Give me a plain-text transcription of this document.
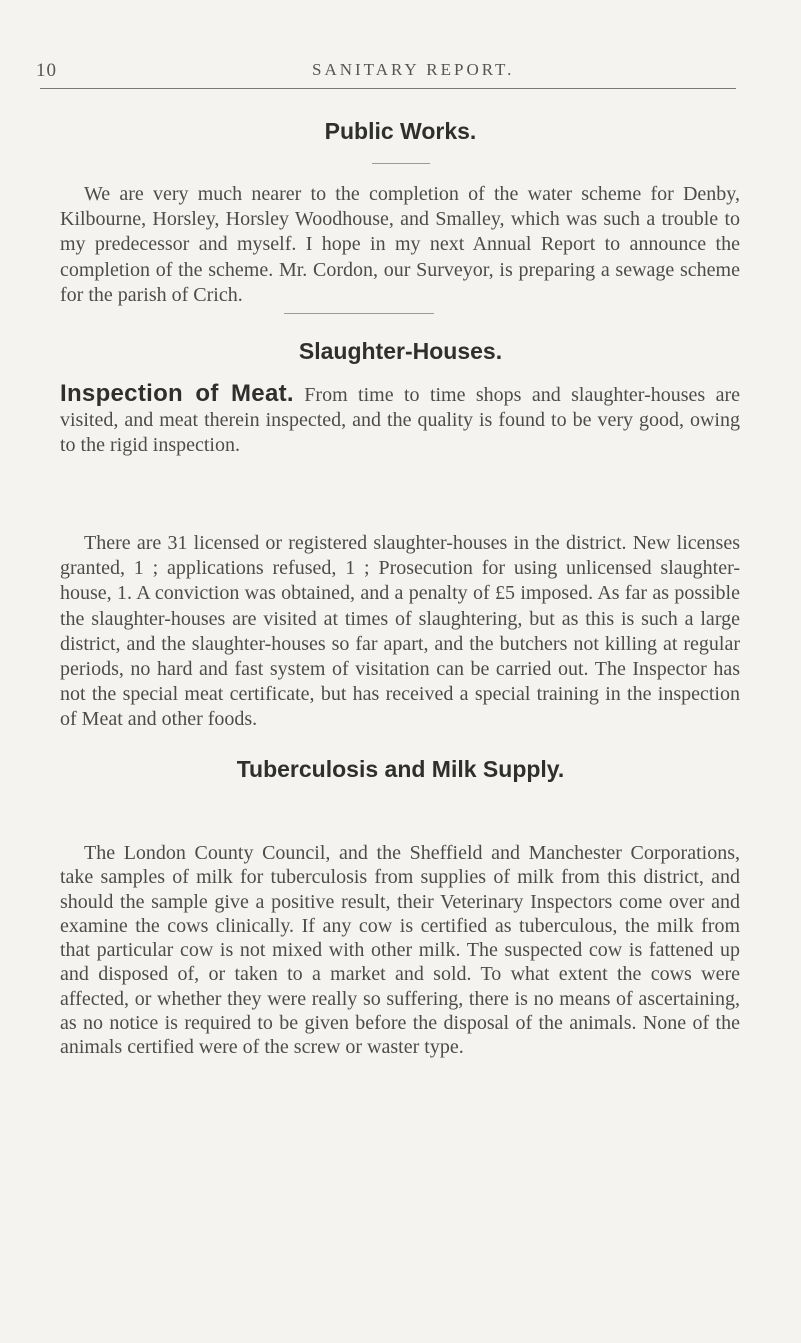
10	SANITARY REPORT.
Public Works.

We are very much nearer to the completion of the water scheme for Denby, Kilbourne, Horsley, Horsley Woodhouse, and Smalley, which was such a trouble to my predecessor and myself. I hope in my next Annual Report to announce the completion of the scheme. Mr. Cordon, our Surveyor, is preparing a sewage scheme for the parish of Crich.

Slaughter-Houses.

Inspection of Meat. From time to time shops and slaughter-houses are visited, and meat therein inspected, and the quality is found to be very good, owing to the rigid inspection.

There are 31 licensed or registered slaughter-houses in the district. New licenses granted, 1 ; applications refused, 1 ; Prosecution for using unlicensed slaughter-house, 1. A conviction was obtained, and a penalty of £5 imposed. As far as possible the slaughter-houses are visited at times of slaughtering, but as this is such a large district, and the slaughter-houses so far apart, and the butchers not killing at regular periods, no hard and fast system of visitation can be carried out. The Inspector has not the special meat certificate, but has received a special training in the inspection of Meat and other foods.

Tuberculosis and Milk Supply.

The London County Council, and the Sheffield and Manchester Corporations, take samples of milk for tuberculosis from supplies of milk from this district, and should the sample give a positive result, their Veterinary Inspectors come over and examine the cows clinically. If any cow is certified as tuberculous, the milk from that particular cow is not mixed with other milk. The suspected cow is fattened up and disposed of, or taken to a market and sold. To what extent the cows were affected, or whether they were really so suffering, there is no means of ascertaining, as no notice is required to be given before the disposal of the animals. None of the animals certified were of the screw or waster type.
